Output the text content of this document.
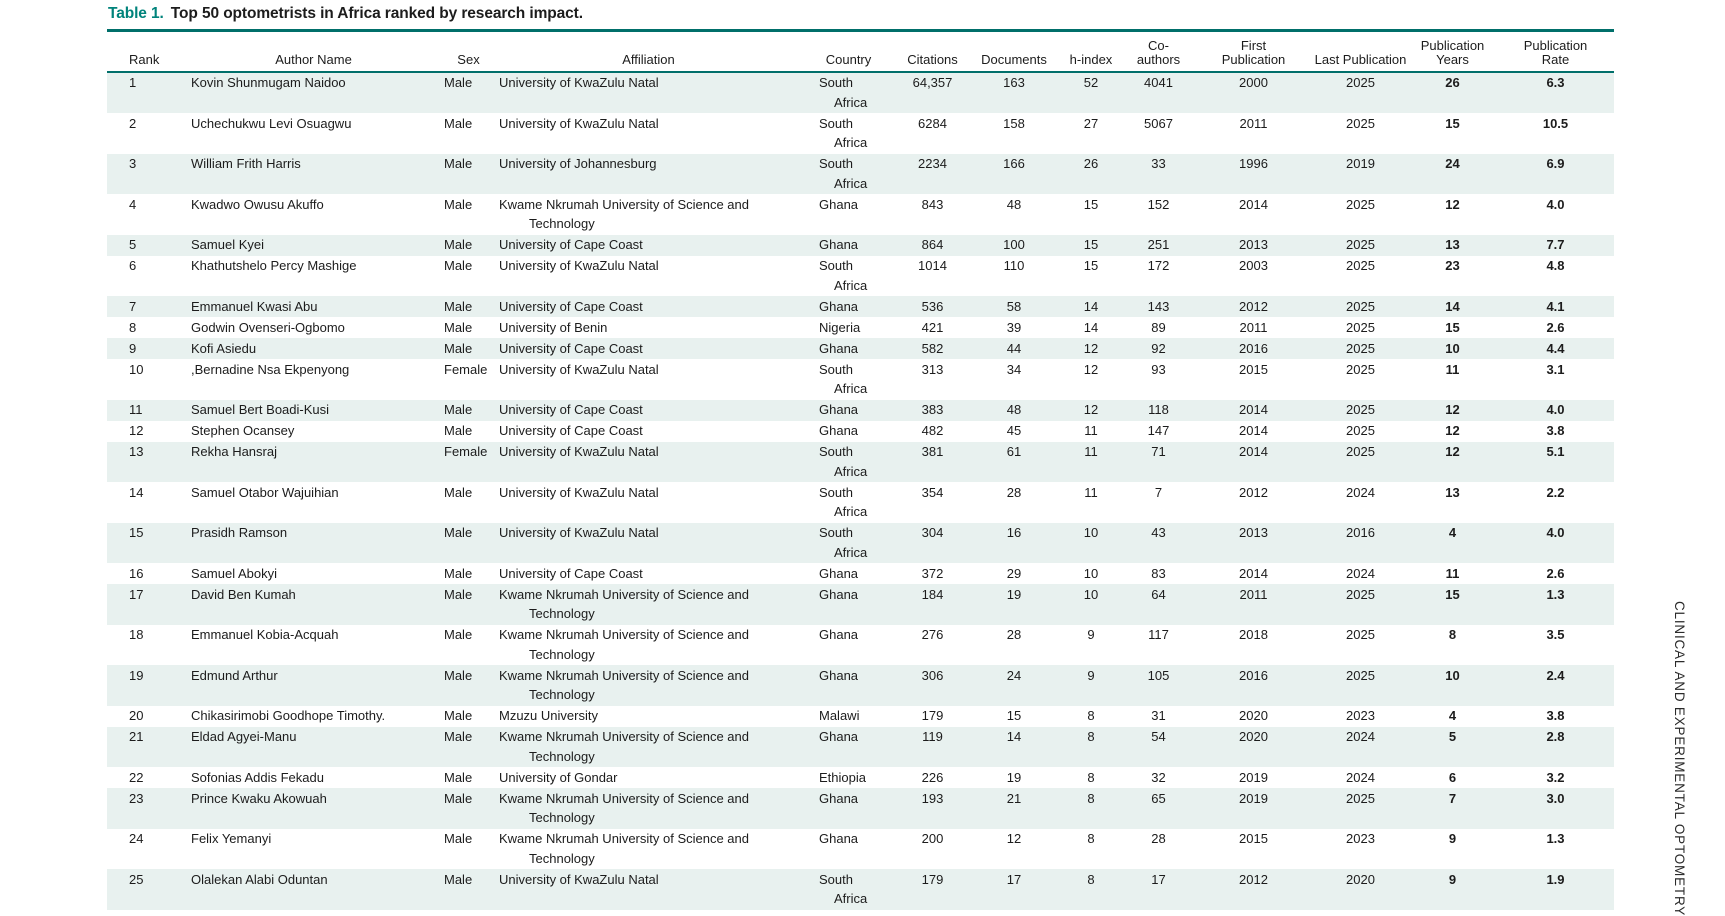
Table 1. Top 50 optometrists in Africa ranked by research impact.
Rank	Author Name	Sex	Affiliation	Country	Citations	Documents	h-index	Co-authors	First Publication	Last Publication	Publication Years	Publication Rate
1	Kovin Shunmugam Naidoo	Male	University of KwaZulu Natal	South Africa	64,357	163	52	4041	2000	2025	26	6.3
2	Uchechukwu Levi Osuagwu	Male	University of KwaZulu Natal	South Africa	6284	158	27	5067	2011	2025	15	10.5
3	William Frith Harris	Male	University of Johannesburg	South Africa	2234	166	26	33	1996	2019	24	6.9
4	Kwadwo Owusu Akuffo	Male	Kwame Nkrumah University of Science and Technology	Ghana	843	48	15	152	2014	2025	12	4.0
5	Samuel Kyei	Male	University of Cape Coast	Ghana	864	100	15	251	2013	2025	13	7.7
6	Khathutshelo Percy Mashige	Male	University of KwaZulu Natal	South Africa	1014	110	15	172	2003	2025	23	4.8
7	Emmanuel Kwasi Abu	Male	University of Cape Coast	Ghana	536	58	14	143	2012	2025	14	4.1
8	Godwin Ovenseri-Ogbomo	Male	University of Benin	Nigeria	421	39	14	89	2011	2025	15	2.6
9	Kofi Asiedu	Male	University of Cape Coast	Ghana	582	44	12	92	2016	2025	10	4.4
10	,Bernadine Nsa Ekpenyong	Female	University of KwaZulu Natal	South Africa	313	34	12	93	2015	2025	11	3.1
11	Samuel Bert Boadi-Kusi	Male	University of Cape Coast	Ghana	383	48	12	118	2014	2025	12	4.0
12	Stephen Ocansey	Male	University of Cape Coast	Ghana	482	45	11	147	2014	2025	12	3.8
13	Rekha Hansraj	Female	University of KwaZulu Natal	South Africa	381	61	11	71	2014	2025	12	5.1
14	Samuel Otabor Wajuihian	Male	University of KwaZulu Natal	South Africa	354	28	11	7	2012	2024	13	2.2
15	Prasidh Ramson	Male	University of KwaZulu Natal	South Africa	304	16	10	43	2013	2016	4	4.0
16	Samuel Abokyi	Male	University of Cape Coast	Ghana	372	29	10	83	2014	2024	11	2.6
17	David Ben Kumah	Male	Kwame Nkrumah University of Science and Technology	Ghana	184	19	10	64	2011	2025	15	1.3
18	Emmanuel Kobia-Acquah	Male	Kwame Nkrumah University of Science and Technology	Ghana	276	28	9	117	2018	2025	8	3.5
19	Edmund Arthur	Male	Kwame Nkrumah University of Science and Technology	Ghana	306	24	9	105	2016	2025	10	2.4
20	Chikasirimobi Goodhope Timothy.	Male	Mzuzu University	Malawi	179	15	8	31	2020	2023	4	3.8
21	Eldad Agyei-Manu	Male	Kwame Nkrumah University of Science and Technology	Ghana	119	14	8	54	2020	2024	5	2.8
22	Sofonias Addis Fekadu	Male	University of Gondar	Ethiopia	226	19	8	32	2019	2024	6	3.2
23	Prince Kwaku Akowuah	Male	Kwame Nkrumah University of Science and Technology	Ghana	193	21	8	65	2019	2025	7	3.0
24	Felix Yemanyi	Male	Kwame Nkrumah University of Science and Technology	Ghana	200	12	8	28	2015	2023	9	1.3
25	Olalekan Alabi Oduntan	Male	University of KwaZulu Natal	South Africa	179	17	8	17	2012	2020	9	1.9	CLINICAL AND EXPERIMENTAL OPTOMETRY
